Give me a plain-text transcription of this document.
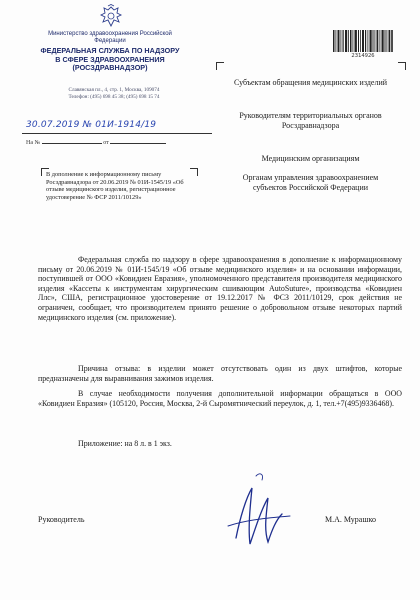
Министерство здравоохранения Российской Федерации
ФЕДЕРАЛЬНАЯ СЛУЖБА ПО НАДЗОРУ
В СФЕРЕ ЗДРАВООХРАНЕНИЯ
(РОСЗДРАВНАДЗОР)
Славянская пл., 4, стр. 1, Москва, 109074
Телефон: (495) 698 45 38; (495) 698 15 74
30.07.2019 № 01И-1914/19
На №	от
В дополнение к информационному письму Росздравнадзора от 20.06.2019 № 01И-1545/19 «Об отзыве медицинского изделия, регистрационное удостоверение № ФСР 2011/10129»
2314926
Субъектам обращения медицинских изделий
Руководителям территориальных органов Росздравнадзора
Медицинским организациям
Органам управления здравоохранением субъектов Российской Федерации
Федеральная служба по надзору в сфере здравоохранения в дополнение к информационному письму от 20.06.2019 № 01И-1545/19 «Об отзыве медицинского изделия» и на основании информации, поступившей от ООО «Ковидиен Евразия», уполномоченного представителя производителя медицинского изделия «Кассеты к инструментам хирургическим сшивающим AutoSuture», производства «Ковидиен Ллс», США, регистрационное удостоверение от 19.12.2017 № ФСЗ 2011/10129, срок действия не ограничен, сообщает, что производителем принято решение о добровольном отзыве некоторых партий медицинского изделия (см. приложение).
Причина отзыва: в изделии может отсутствовать один из двух штифтов, которые предназначены для выравнивания зажимов изделия.
В случае необходимости получения дополнительной информации обращаться в ООО «Ковидиен Евразия» (105120, Россия, Москва, 2-й Сыромятнический переулок, д. 1, тел.+7(495)9336468).
Приложение: на 8 л. в 1 экз.
Руководитель	М.А. Мурашко
